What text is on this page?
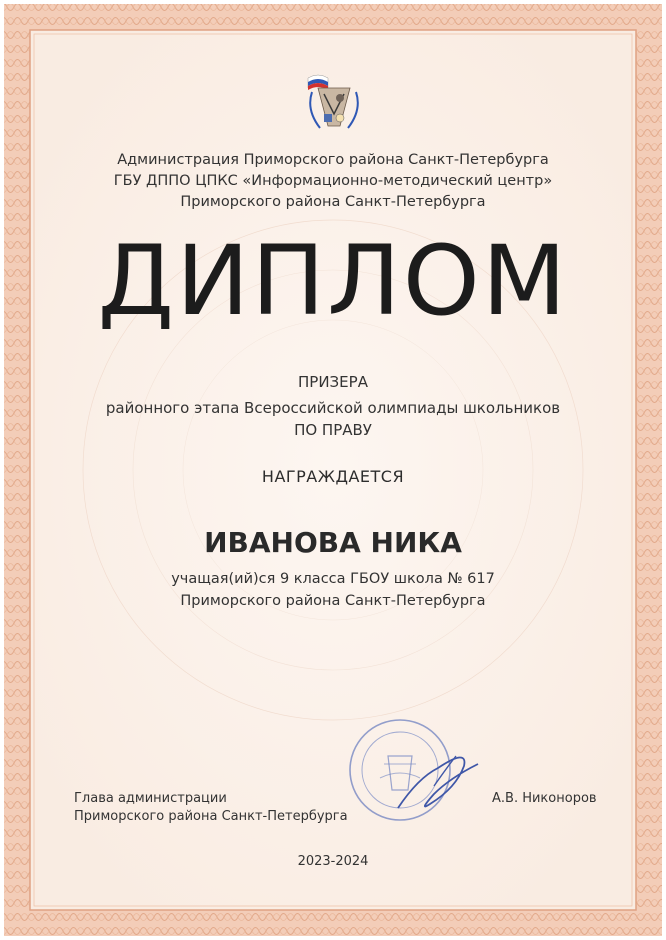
Администрация Приморского района Санкт-Петербурга
ГБУ ДППО ЦПКС «Информационно-методический центр»
Приморского района Санкт-Петербурга
ДИПЛОМ
ПРИЗЕРА
районного этапа Всероссийской олимпиады школьников
ПО ПРАВУ
НАГРАЖДАЕТСЯ
ИВАНОВА НИКА
учащая(ий)ся 9 класса ГБОУ школа № 617
Приморского района Санкт-Петербурга
Глава администрации
Приморского района Санкт-Петербурга
А.В. Никоноров
2023-2024
